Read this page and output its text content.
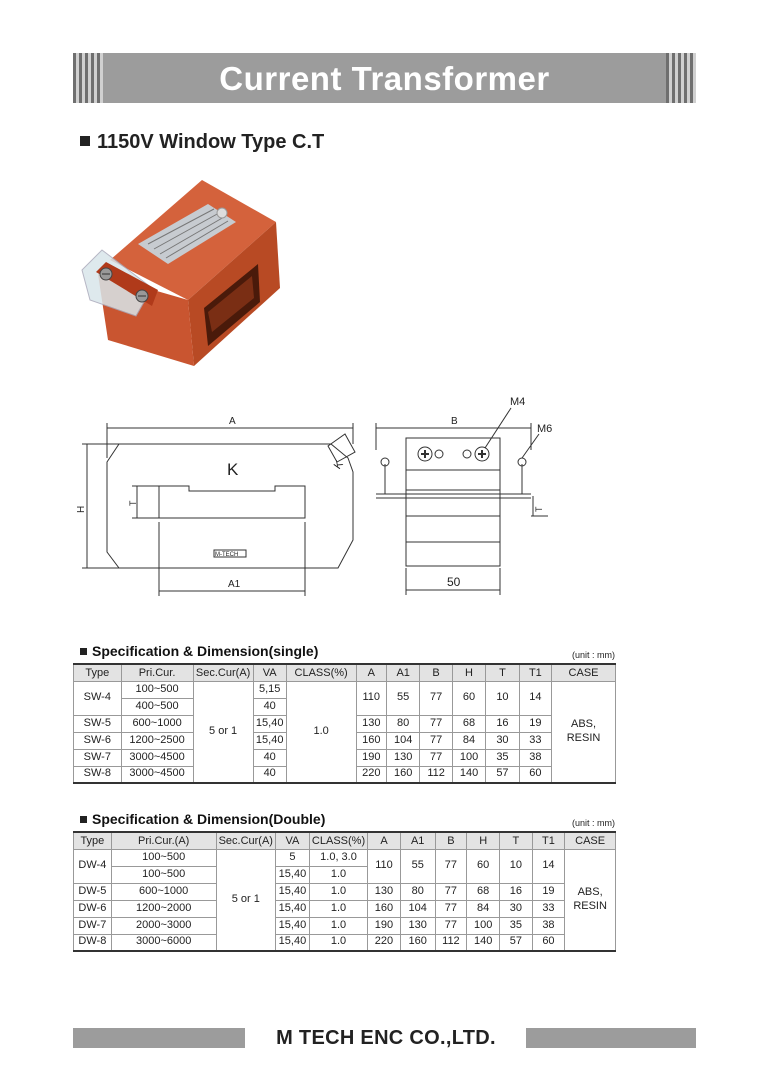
Current Transformer
1150V Window Type C.T
A
A1
H
T
K	K
M-TECH
B
M4
M6
50
T
Specification & Dimension(single)	(unit : mm)
Type	Pri.Cur.	Sec.Cur(A)	VA	CLASS(%)	A	A1	B	H	T	T1	CASE
SW-4	100~500	5 or 1	5,15	1.0	110	55	77	60	10	14	ABS,
RESIN
	400~500		40								
SW-5	600~1000		15,40		130	80	77	68	16	19	
SW-6	1200~2500		15,40		160	104	77	84	30	33	
SW-7	3000~4500		40		190	130	77	100	35	38	
SW-8	3000~4500		40		220	160	112	140	57	60	
Specification & Dimension(Double)	(unit : mm)
Type	Pri.Cur.(A)	Sec.Cur(A)	VA	CLASS(%)	A	A1	B	H	T	T1	CASE
DW-4	100~500	5 or 1	5	1.0, 3.0	110	55	77	60	10	14	ABS,
RESIN
	100~500		15,40	1.0							
DW-5	600~1000		15,40	1.0	130	80	77	68	16	19	
DW-6	1200~2000		15,40	1.0	160	104	77	84	30	33	
DW-7	2000~3000		15,40	1.0	190	130	77	100	35	38	
DW-8	3000~6000		15,40	1.0	220	160	112	140	57	60	
M TECH ENC CO.,LTD.
